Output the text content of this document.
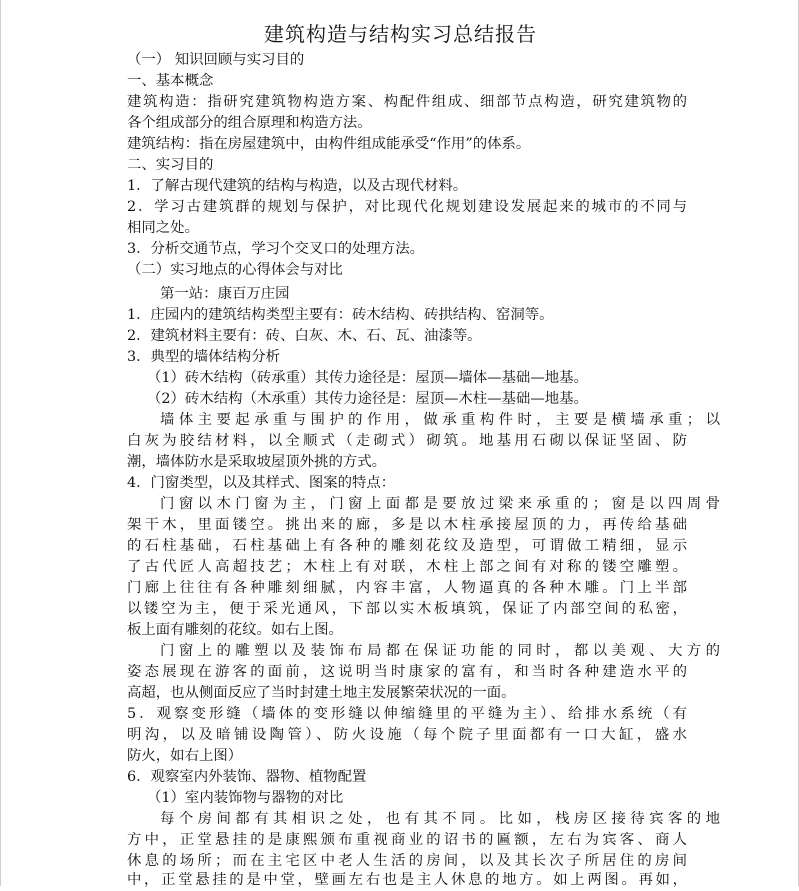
建筑构造与结构实习总结报告
（一） 知识回顾与实习目的
一、基本概念
建筑构造：指研究建筑物构造方案、构配件组成、细部节点构造，研究建筑物的
各个组成部分的组合原理和构造方法。
建筑结构：指在房屋建筑中，由构件组成能承受“作用”的体系。
二、实习目的
1．了解古现代建筑的结构与构造，以及古现代材料。
2．学习古建筑群的规划与保护，对比现代化规划建设发展起来的城市的不同与
相同之处。
3．分析交通节点，学习个交叉口的处理方法。
（二）实习地点的心得体会与对比
第一站：康百万庄园
1．庄园内的建筑结构类型主要有：砖木结构、砖拱结构、窑洞等。
2．建筑材料主要有：砖、白灰、木、石、瓦、油漆等。
3．典型的墙体结构分析
（1）砖木结构（砖承重）其传力途径是：屋顶—墙体—基础—地基。
（2）砖木结构（木承重）其传力途径是：屋顶—木柱—基础—地基。
墙体主要起承重与围护的作用，做承重构件时，主要是横墙承重；以
白灰为胶结材料，以全顺式（走砌式）砌筑。地基用石砌以保证坚固、防
潮，墙体防水是采取坡屋顶外挑的方式。
4．门窗类型，以及其样式、图案的特点：
门窗以木门窗为主，门窗上面都是要放过梁来承重的；窗是以四周骨
架干木，里面镂空。挑出来的廊，多是以木柱承接屋顶的力，再传给基础
的石柱基础，石柱基础上有各种的雕刻花纹及造型，可谓做工精细，显示
了古代匠人高超技艺；木柱上有对联，木柱上部之间有对称的镂空雕塑。
门廊上往往有各种雕刻细腻，内容丰富，人物逼真的各种木雕。门上半部
以镂空为主，便于采光通风，下部以实木板填筑，保证了内部空间的私密，
板上面有雕刻的花纹。如右上图。
门窗上的雕塑以及装饰布局都在保证功能的同时，都以美观、大方的
姿态展现在游客的面前，这说明当时康家的富有，和当时各种建造水平的
高超，也从侧面反应了当时封建土地主发展繁荣状况的一面。
5．观察变形缝（墙体的变形缝以伸缩缝里的平缝为主）、给排水系统（有
明沟，以及暗铺设陶管）、防火设施（每个院子里面都有一口大缸，盛水
防火，如右上图）
6．观察室内外装饰、器物、植物配置
（1）室内装饰物与器物的对比
每个房间都有其相识之处，也有其不同。比如，栈房区接待宾客的地
方中，正堂悬挂的是康熙颁布重视商业的诏书的匾额，左右为宾客、商人
休息的场所；而在主宅区中老人生活的房间，以及其长次子所居住的房间
中，正堂悬挂的是中堂，壁画左右也是主人休息的地方。如上两图。再如，
